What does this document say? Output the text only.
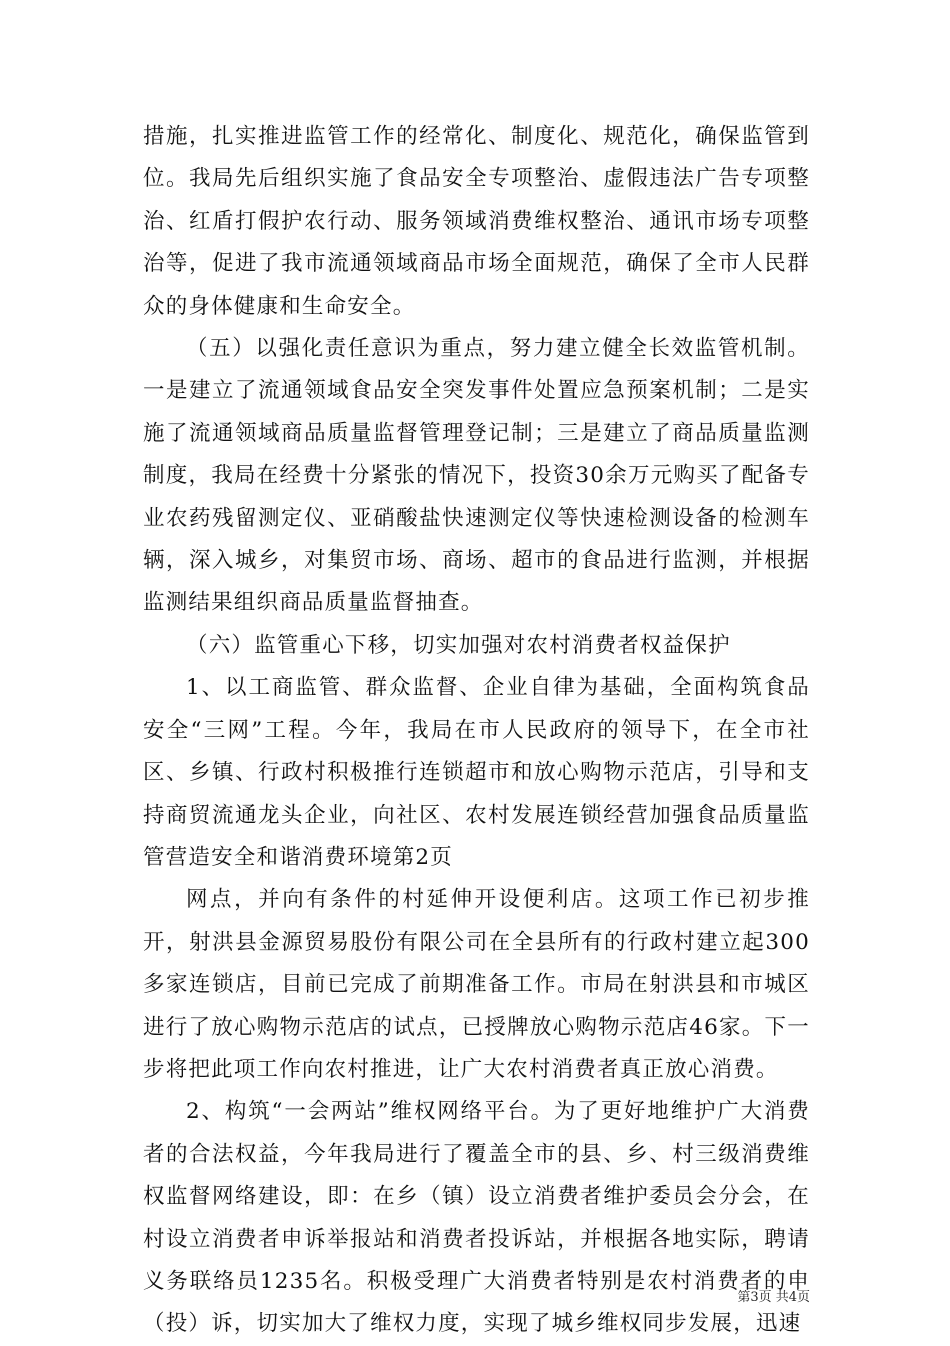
措施，扎实推进监管工作的经常化、制度化、规范化，确保监管到位。我局先后组织实施了食品安全专项整治、虚假违法广告专项整治、红盾打假护农行动、服务领域消费维权整治、通讯市场专项整治等，促进了我市流通领域商品市场全面规范，确保了全市人民群众的身体健康和生命安全。

（五）以强化责任意识为重点，努力建立健全长效监管机制。一是建立了流通领域食品安全突发事件处置应急预案机制；二是实施了流通领域商品质量监督管理登记制；三是建立了商品质量监测制度，我局在经费十分紧张的情况下，投资30余万元购买了配备专业农药残留测定仪、亚硝酸盐快速测定仪等快速检测设备的检测车辆，深入城乡，对集贸市场、商场、超市的食品进行监测，并根据监测结果组织商品质量监督抽查。

（六）监管重心下移，切实加强对农村消费者权益保护

1、以工商监管、群众监督、企业自律为基础，全面构筑食品安全“三网”工程。今年，我局在市人民政府的领导下，在全市社区、乡镇、行政村积极推行连锁超市和放心购物示范店，引导和支持商贸流通龙头企业，向社区、农村发展连锁经营加强食品质量监管营造安全和谐消费环境第2页

网点，并向有条件的村延伸开设便利店。这项工作已初步推开，射洪县金源贸易股份有限公司在全县所有的行政村建立起300多家连锁店，目前已完成了前期准备工作。市局在射洪县和市城区进行了放心购物示范店的试点，已授牌放心购物示范店46家。下一步将把此项工作向农村推进，让广大农村消费者真正放心消费。

2、构筑“一会两站”维权网络平台。为了更好地维护广大消费者的合法权益，今年我局进行了覆盖全市的县、乡、村三级消费维权监督网络建设，即：在乡（镇）设立消费者维护委员会分会，在村设立消费者申诉举报站和消费者投诉站，并根据各地实际，聘请义务联络员1235名。积极受理广大消费者特别是农村消费者的申（投）诉，切实加大了维权力度，实现了城乡维权同步发展，迅速

第3页 共4页
